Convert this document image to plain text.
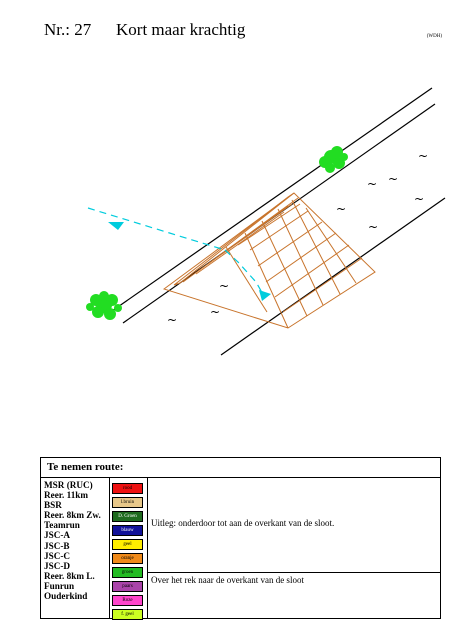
Nr.: 27 Kort maar krachtig	(WDH)
~
~ ~
~
~
~
~
~
~
Te nemen route:
MSR (RUC)
Reer. 11km
BSR
Reer. 8km Zw.
Teamrun
JSC-A
JSC-B
JSC-C
JSC-D
Reer. 8km L.
Funrun
Ouderkind
rood
l.bruin
D. Groen
blauw
geel
oranje
groen
paars
Roze
f. geel
Uitleg: onderdoor tot aan de overkant van de sloot.
Over het rek naar de overkant van de sloot
